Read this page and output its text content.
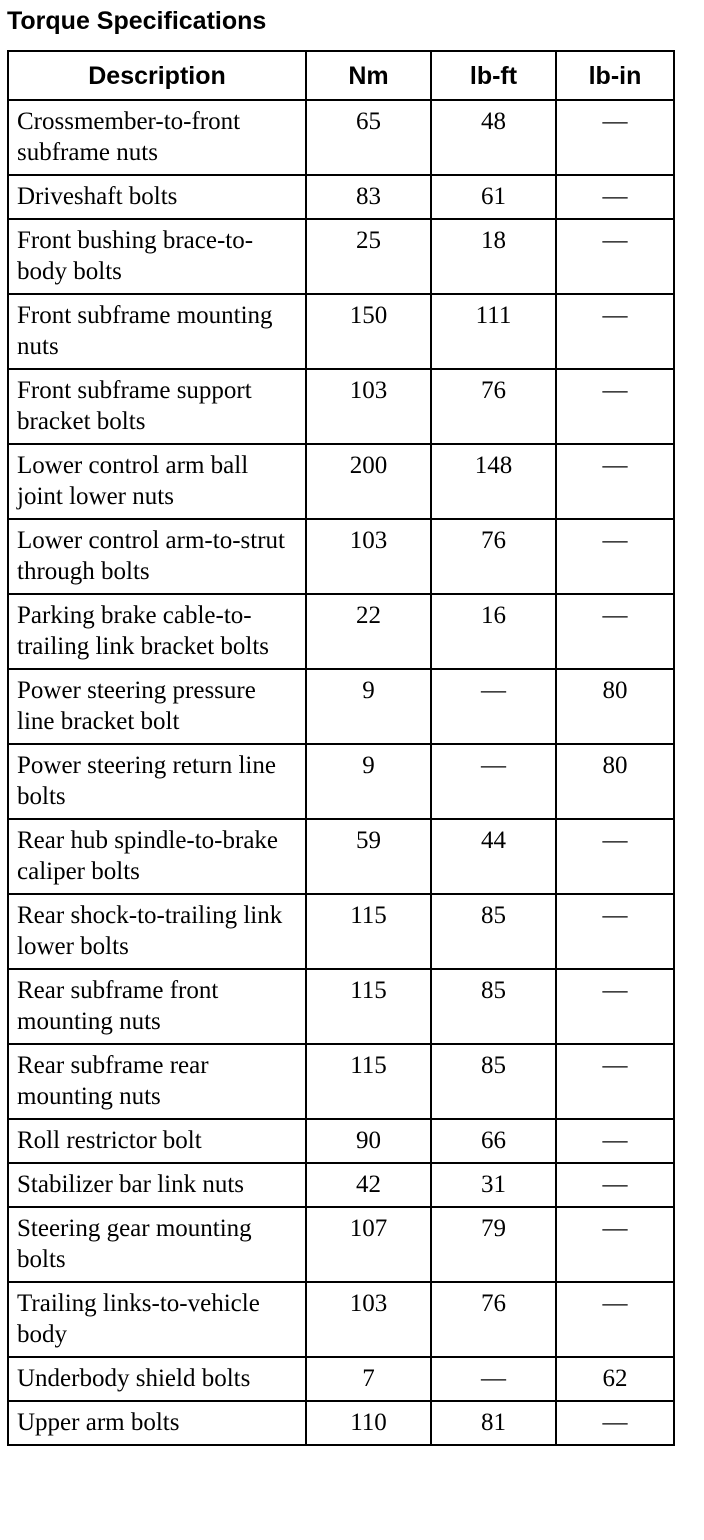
Torque Specifications
Description	Nm	lb-ft	lb-in
Crossmember-to-front subframe nuts	65	48	—
Driveshaft bolts	83	61	—
Front bushing brace-to-body bolts	25	18	—
Front subframe mounting nuts	150	111	—
Front subframe support bracket bolts	103	76	—
Lower control arm ball joint lower nuts	200	148	—
Lower control arm-to-strut through bolts	103	76	—
Parking brake cable-to-trailing link bracket bolts	22	16	—
Power steering pressure line bracket bolt	9	—	80
Power steering return line bolts	9	—	80
Rear hub spindle-to-brake caliper bolts	59	44	—
Rear shock-to-trailing link lower bolts	115	85	—
Rear subframe front mounting nuts	115	85	—
Rear subframe rear mounting nuts	115	85	—
Roll restrictor bolt	90	66	—
Stabilizer bar link nuts	42	31	—
Steering gear mounting bolts	107	79	—
Trailing links-to-vehicle body	103	76	—
Underbody shield bolts	7	—	62
Upper arm bolts	110	81	—
